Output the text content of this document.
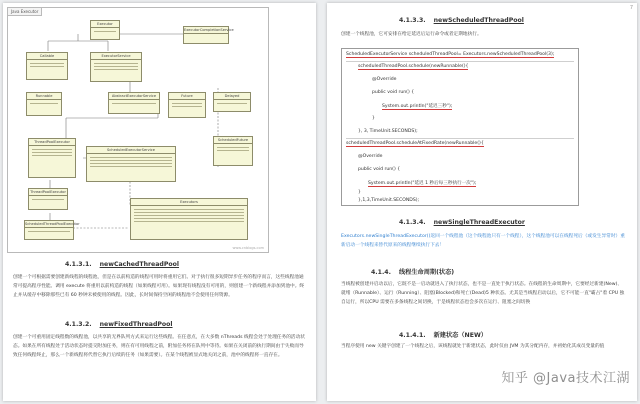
Java Executor
Executor
ExecutorCompletionService
Callable	ExecutorService
Runnable	AbstractExecutorService	Future	Delayed
ThreadPoolExecutor
ScheduledExecutorService
ScheduledFuture
ThreadPoolExecutor
ScheduledThreadPoolExecutor
Executors
www.cnblogs.com
4.1.3.1. newCachedThreadPool
创建一个可根据需要创建新线程的线程池，但是在以前构造的线程可用时将重用它们。对于执行很多短期异步任务的程序而言，这些线程池通常可提高程序性能。调用 execute 将重用以前构造的线程（如果线程可用）。如果现有线程没有可用的，则创建一个新线程并添加到池中。终止并从缓存中移除那些已有 60 秒钟未被使用的线程。因此，长时间保持空闲的线程池不会使用任何资源。
4.1.3.2. newFixedThreadPool
创建一个可重用固定线程数的线程池，以共享的无界队列方式来运行这些线程。在任意点，在大多数 nThreads 线程会处于处理任务的活动状态。如果在所有线程处于活动状态时提交附加任务，则在有可用线程之前，附加任务将在队列中等待。如果在关闭前的执行期间由于失败而导致任何线程终止，那么一个新线程将代替它执行后续的任务（如果需要）。在某个线程被显式地关闭之前，池中的线程将一直存在。
7
4.1.3.3. newScheduledThreadPool
创建一个线程池，它可安排在给定延迟后运行命令或者定期地执行。
ScheduledExecutorService scheduledThreadPool= Executors.newScheduledThreadPool(3);
scheduledThreadPool.schedule(newRunnable(){
@Override
public void run() {
System.out.println("延迟三秒");
}
}, 3, TimeUnit.SECONDS);
scheduledThreadPool.scheduleAtFixedRate(newRunnable(){
@Override
public void run() {
System.out.println("延迟 1 秒后每三秒执行一次");
}
},1,3,TimeUnit.SECONDS);
4.1.3.4. newSingleThreadExecutor
Executors.newSingleThreadExecutor()返回一个线程池（这个线程池只有一个线程），这个线程池可以在线程死后（或发生异常时）重新启动一个线程来替代原来的线程继续执行下去！
4.1.4. 线程生命周期(状态)
当线程被创建并启动以后，它既不是一启动就进入了执行状态，也不是一直处于执行状态。在线程的生命周期中，它要经过新建(New)、就绪（Runnable）、运行（Running）、阻塞(Blocked)和死亡(Dead)5 种状态。尤其是当线程启动以后，它不可能一直"霸占"着 CPU 独自运行，所以CPU 需要在多条线程之间切换，于是线程状态也会多次在运行、阻塞之间切换
4.1.4.1. 新建状态（NEW）
当程序使用 new 关键字创建了一个线程之后，该线程就处于新建状态，此时仅由 JVM 为其分配内存，并初始化其成员变量的值
知乎 @Java技术江湖
